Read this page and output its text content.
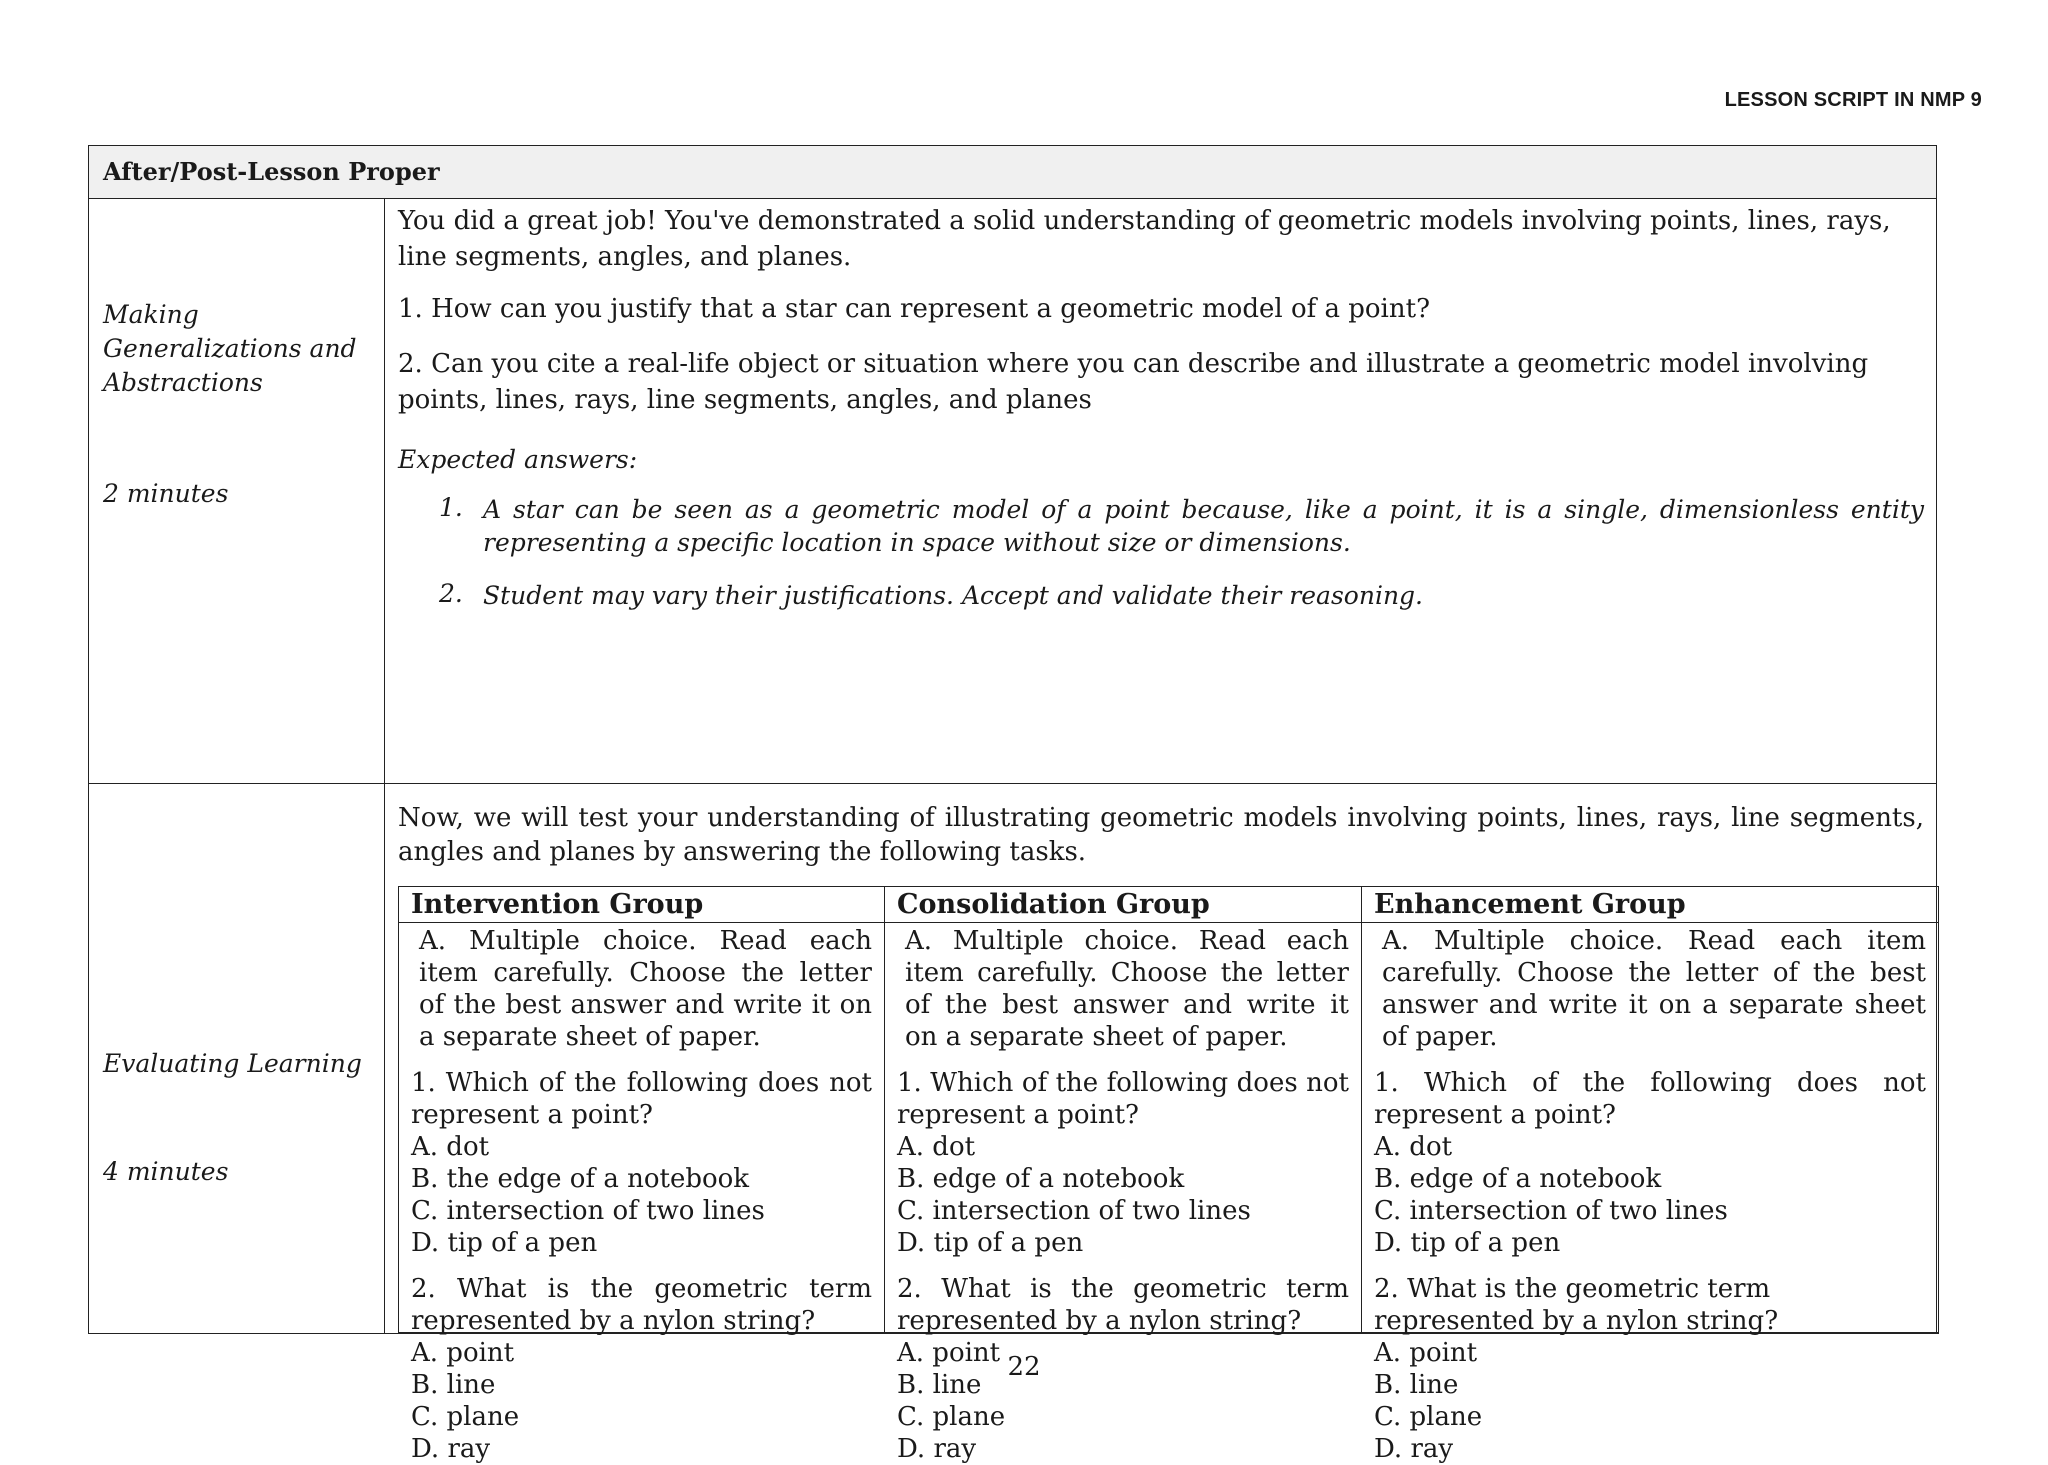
LESSON SCRIPT IN NMP 9
After/Post-Lesson Proper
Making Generalizations and Abstractions
2 minutes

You did a great job! You've demonstrated a solid understanding of geometric models involving points, lines, rays, line segments, angles, and planes.

1. How can you justify that a star can represent a geometric model of a point?

2. Can you cite a real-life object or situation where you can describe and illustrate a geometric model involving points, lines, rays, line segments, angles, and planes

Expected answers:

1. A star can be seen as a geometric model of a point because, like a point, it is a single, dimensionless entity representing a specific location in space without size or dimensions.
2. Student may vary their justifications. Accept and validate their reasoning.
Evaluating Learning
4 minutes

Now, we will test your understanding of illustrating geometric models involving points, lines, rays, line segments, angles and planes by answering the following tasks.

Intervention Group

A. Multiple choice. Read each item carefully. Choose the letter of the best answer and write it on a separate sheet of paper.

1. Which of the following does not represent a point?

A. dot

B. the edge of a notebook

C. intersection of two lines

D. tip of a pen

2. What is the geometric term represented by a nylon string?

A. point

B. line

C. plane

D. ray

Consolidation Group

A. Multiple choice. Read each item carefully. Choose the letter of the best answer and write it on a separate sheet of paper.

1. Which of the following does not represent a point?

A. dot

B. edge of a notebook

C. intersection of two lines

D. tip of a pen

2. What is the geometric term represented by a nylon string?

A. point

B. line

C. plane

D. ray

Enhancement Group

A. Multiple choice. Read each item carefully. Choose the letter of the best answer and write it on a separate sheet of paper.

1. Which of the following does not represent a point?

A. dot

B. edge of a notebook

C. intersection of two lines

D. tip of a pen

2. What is the geometric term represented by a nylon string?

A. point

B. line

C. plane

D. ray

22
